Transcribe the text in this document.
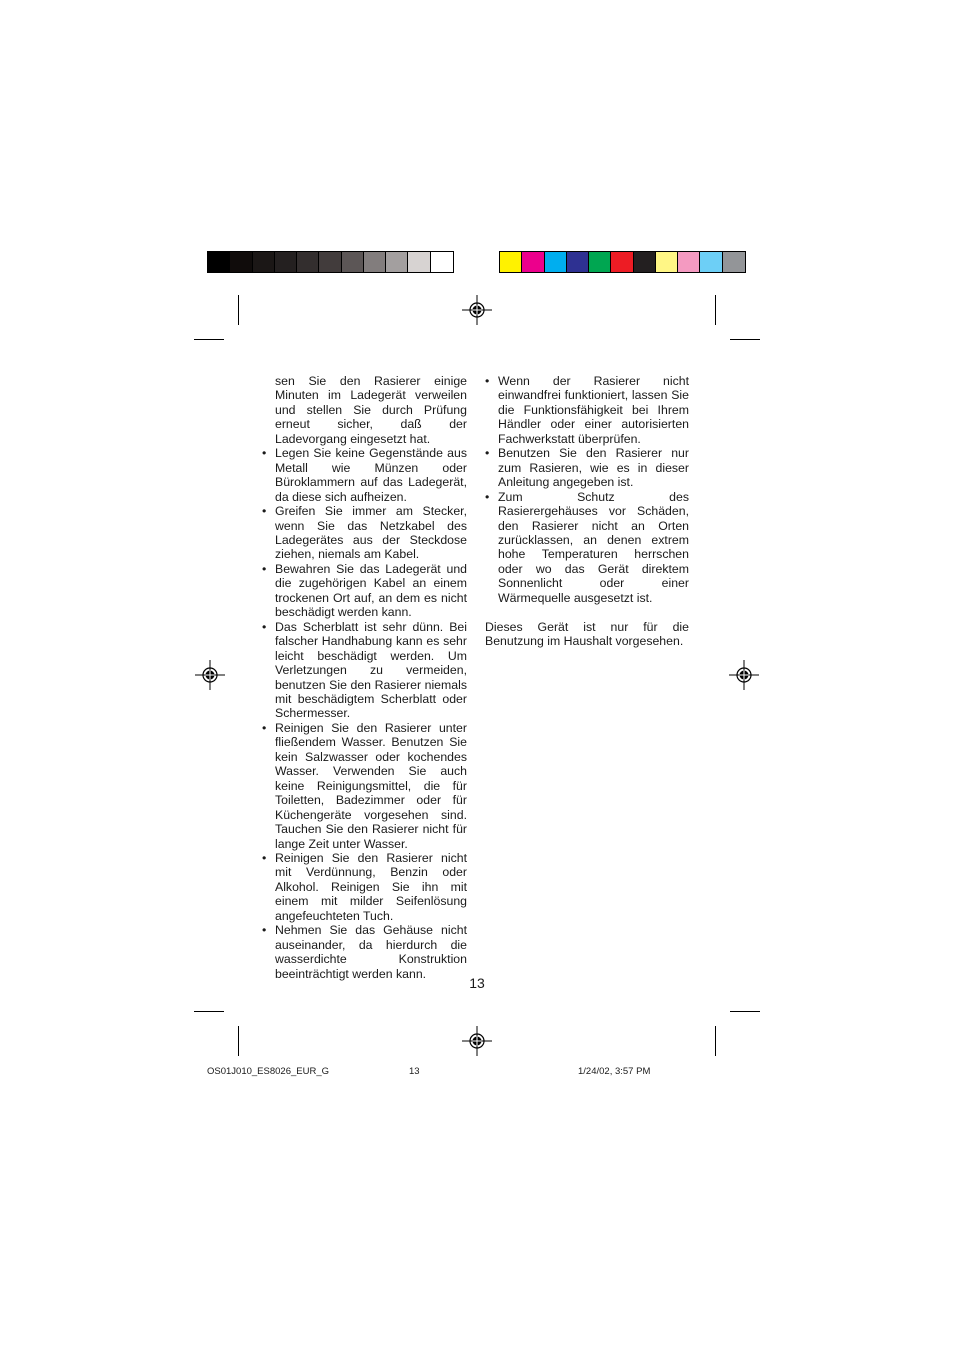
sen Sie den Rasierer einige Minuten im Ladegerät verweilen und stellen Sie durch Prüfung erneut sicher, daß der Ladevorgang eingesetzt hat.

• Legen Sie keine Gegenstände aus Metall wie Münzen oder Büroklammern auf das Ladegerät, da diese sich aufheizen.

• Greifen Sie immer am Stecker, wenn Sie das Netzkabel des Ladegerätes aus der Steckdose ziehen, niemals am Kabel.

• Bewahren Sie das Ladegerät und die zugehörigen Kabel an einem trockenen Ort auf, an dem es nicht beschädigt werden kann.

• Das Scherblatt ist sehr dünn. Bei falscher Handhabung kann es sehr leicht beschädigt werden. Um Verletzungen zu vermeiden, benutzen Sie den Rasierer niemals mit beschädigtem Scherblatt oder Schermesser.

• Reinigen Sie den Rasierer unter fließendem Wasser. Benutzen Sie kein Salzwasser oder kochendes Wasser. Verwenden Sie auch keine Reinigungsmittel, die für Toiletten, Badezimmer oder für Küchengeräte vorgesehen sind. Tauchen Sie den Rasierer nicht für lange Zeit unter Wasser.

• Reinigen Sie den Rasierer nicht mit Verdünnung, Benzin oder Alkohol. Reinigen Sie ihn mit einem mit milder Seifenlösung angefeuchteten Tuch.

• Nehmen Sie das Gehäuse nicht auseinander, da hierdurch die wasserdichte Konstruktion beeinträchtigt werden kann.

• Wenn der Rasierer nicht einwandfrei funktioniert, lassen Sie die Funktionsfähigkeit bei Ihrem Händler oder einer autorisierten Fachwerkstatt überprüfen.

• Benutzen Sie den Rasierer nur zum Rasieren, wie es in dieser Anleitung angegeben ist.

• Zum Schutz des Rasierergehäuses vor Schäden, den Rasierer nicht an Orten zurücklassen, an denen extrem hohe Temperaturen herrschen oder wo das Gerät direktem Sonnenlicht oder einer Wärmequelle ausgesetzt ist.

Dieses Gerät ist nur für die Benutzung im Haushalt vorgesehen.

13
OS01J010_ES8026_EUR_G	13	1/24/02, 3:57 PM
